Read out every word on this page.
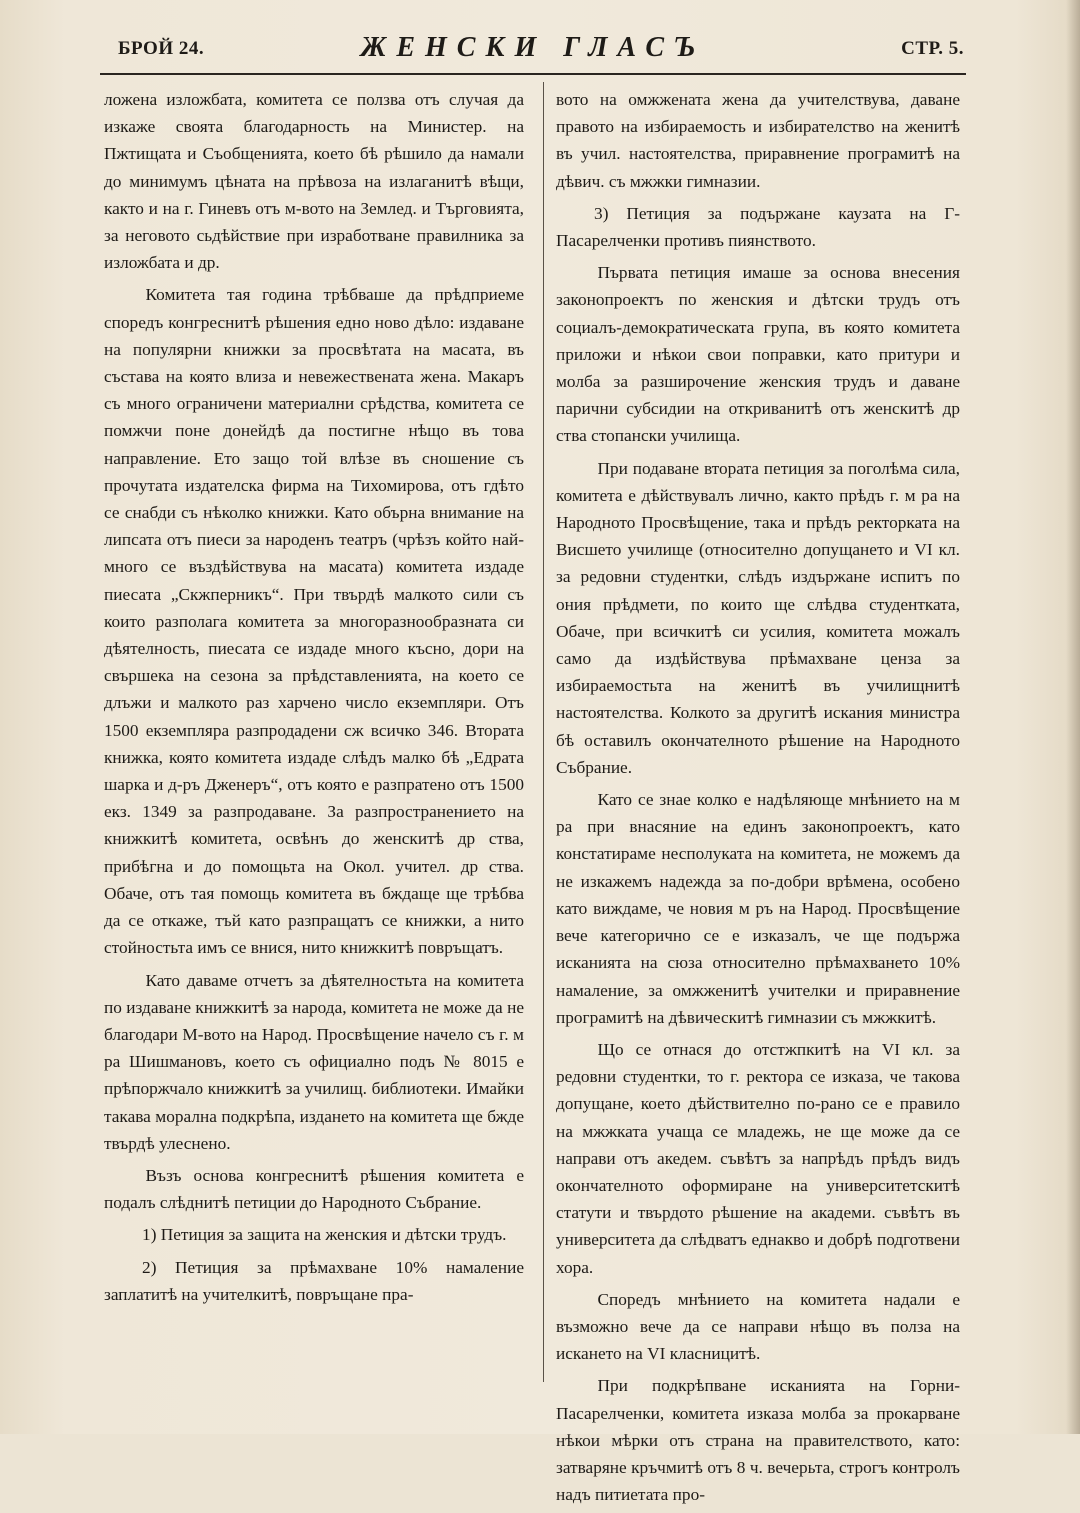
БРОЙ 24.	ЖЕНСКИ ГЛАСЪ	СТР. 5.

ложена изложбата, комитета се ползва отъ случая да изкаже своята благодарность на Министер. на Пжтищата и Съобщенията, което бѣ рѣшило да намали до минимумъ цѣната на прѣвоза на излаганитѣ вѣщи, както и на г. Гиневъ отъ м-вото на Землед. и Търговията, за неговото сьдѣйствие при изработване правилника за изложбата и др.

Комитета тая година трѣбваше да прѣдприеме споредъ конгреснитѣ рѣшения едно ново дѣло: издаване на популярни книжки за просвѣтата на масата, въ състава на която влиза и невежествената жена. Макаръ съ много ограничени материални срѣдства, комитета се помжчи поне донейдѣ да постигне нѣщо въ това направление. Ето защо той влѣзе въ сношение съ прочутата издателска фирма на Тихомирова, отъ гдѣто се снабди съ нѣколко книжки. Като обърна внимание на липсата отъ пиеси за народенъ театръ (чрѣзъ който най-много се въздѣйствува на масата) комитета издаде пиесата „Скжперникъ“. При твърдѣ малкото сили съ които разполага комитета за многоразнообразната си дѣятелность, пиесата се издаде много късно, дори на свършека на сезона за прѣдставленията, на което се длъжи и малкото раз харчено число екземпляри. Отъ 1500 екземпляра разпродадени сж всичко 346. Втората книжка, която комитета издаде слѣдъ малко бѣ „Едрата шарка и д-ръ Дженеръ“, отъ която е разпратено отъ 1500 екз. 1349 за разпродаване. За разпространението на книжкитѣ комитета, освѣнъ до женскитѣ др ства, прибѣгна и до помощьта на Окол. учител. др ства. Обаче, отъ тая помощь комитета въ бждаще ще трѣбва да се откаже, тъй като разпращатъ се книжки, а нито стойностьта имъ се внися, нито книжкитѣ повръщатъ.

Като даваме отчетъ за дѣятелностьта на комитета по издаване книжкитѣ за народа, комитета не може да не благодари М-вото на Народ. Просвѣщение начело съ г. м ра Шишмановъ, което съ официално подъ № 8015 е прѣпоржчало книжкитѣ за училищ. библиотеки. Имайки такава морална подкрѣпа, издането на комитета ще бжде твърдѣ улеснено.

Възъ основа конгреснитѣ рѣшения комитета е подалъ слѣднитѣ петиции до Народното Събрание.

1) Петиция за защита на женския и дѣтски трудъ.

2) Петиция за прѣмахване 10% намаление заплатитѣ на учителкитѣ, повръщане пра-

вото на омжжената жена да учителствува, даване правото на избираемость и избирателство на женитѣ въ учил. настоятелства, приравнение програмитѣ на дѣвич. съ мжжки гимназии.

3) Петиция за подържане каузата на Г-Пасарелченки противъ пиянството.

Първата петиция имаше за основа внесения законопроектъ по женския и дѣтски трудъ отъ социалъ-демократическата група, въ която комитета приложи и нѣкои свои поправки, като притури и молба за разширочение женския трудъ и даване парични субсидии на откриванитѣ отъ женскитѣ др ства стопански училища.

При подаване втората петиция за поголѣма сила, комитета е дѣйствувалъ лично, както прѣдъ г. м ра на Народното Просвѣщение, така и прѣдъ ректорката на Висшето училище (относително допущането и VI кл. за редовни студентки, слѣдъ издържане испитъ по ония прѣдмети, по които ще слѣдва студентката, Обаче, при всичкитѣ си усилия, комитета можалъ само да издѣйствува прѣмахване ценза за избираемостьта на женитѣ въ училищнитѣ настоятелства. Колкото за другитѣ искания министра бѣ оставилъ окончателното рѣшение на Народното Събрание.

Като се знае колко е надѣляюще мнѣнието на м ра при внасяние на единъ законопроектъ, като констатираме несполуката на комитета, не можемъ да не изкажемъ надежда за по-добри врѣмена, особено като виждаме, че новия м ръ на Народ. Просвѣщение вече категорично се е изказалъ, че ще подържа исканията на сюза относително прѣмахването 10% намаление, за омжженитѣ учителки и приравнение програмитѣ на дѣвическитѣ гимназии съ мжжкитѣ.

Що се отнася до отстжпкитѣ на VI кл. за редовни студентки, то г. ректора се изказа, че такова допущане, което дѣйствително по-рано се е правило на мжжката учаща се младежь, не ще може да се направи отъ акедем. съвѣтъ за напрѣдъ прѣдъ видъ окончателното оформиране на университетскитѣ статути и твърдото рѣшение на академи. съвѣтъ въ университета да слѣдватъ еднакво и добрѣ подготвени хора.

Споредъ мнѣнието на комитета надали е възможно вече да се направи нѣщо въ полза на искането на VI класницитѣ.

При подкрѣпване исканията на Горни-Пасарелченки, комитета изказа молба за прокарване нѣкои мѣрки отъ страна на правителството, като: затваряне кръчмитѣ отъ 8 ч. вечерьта, строгъ контролъ надъ питиетата про-
